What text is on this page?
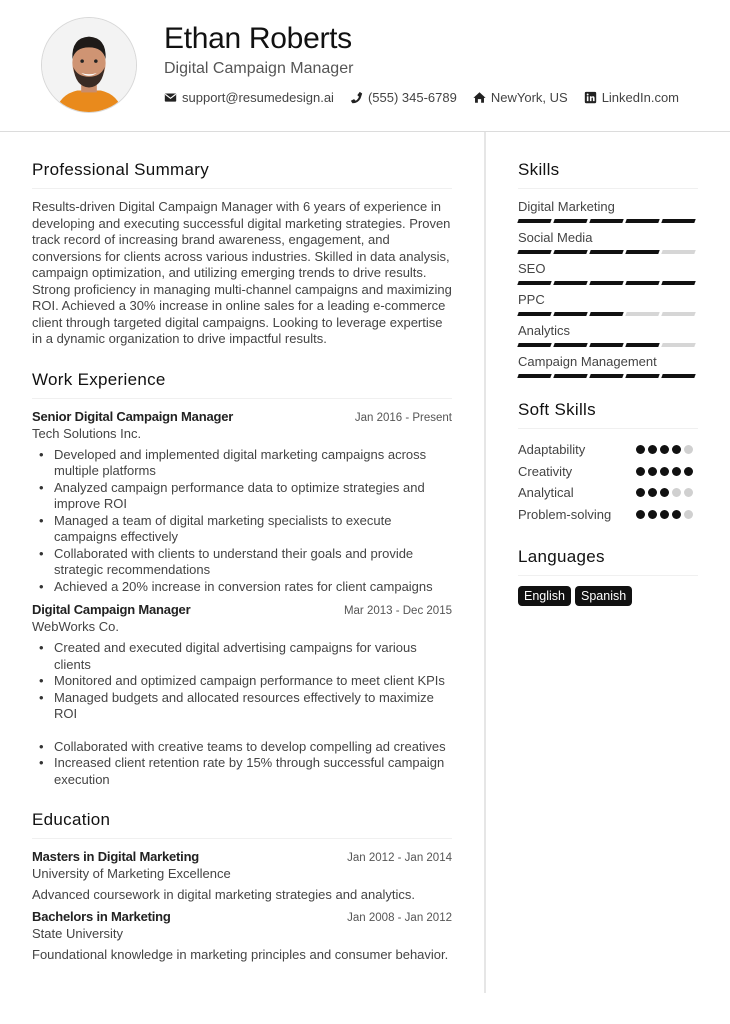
Ethan Roberts
Digital Campaign Manager
support@resumedesign.ai	(555) 345-6789	NewYork, US	LinkedIn.com
Professional Summary

Results-driven Digital Campaign Manager with 6 years of experience in developing and executing successful digital marketing strategies. Proven track record of increasing brand awareness, engagement, and conversions for clients across various industries. Skilled in data analysis, campaign optimization, and utilizing emerging trends to drive results. Strong proficiency in managing multi-channel campaigns and maximizing ROI. Achieved a 30% increase in online sales for a leading e-commerce client through targeted digital campaigns. Looking to leverage expertise in a dynamic organization to drive impactful results.

Work Experience
Senior Digital Campaign Manager	Jan 2016 - Present
Tech Solutions Inc.
• Developed and implemented digital marketing campaigns across multiple platforms
• Analyzed campaign performance data to optimize strategies and improve ROI
• Managed a team of digital marketing specialists to execute campaigns effectively
• Collaborated with clients to understand their goals and provide strategic recommendations
• Achieved a 20% increase in conversion rates for client campaigns
Digital Campaign Manager	Mar 2013 - Dec 2015
WebWorks Co.
• Created and executed digital advertising campaigns for various clients
• Monitored and optimized campaign performance to meet client KPIs
• Managed budgets and allocated resources effectively to maximize ROI
• Collaborated with creative teams to develop compelling ad creatives
• Increased client retention rate by 15% through successful campaign execution
Education
Masters in Digital Marketing	Jan 2012 - Jan 2014
University of Marketing Excellence
Advanced coursework in digital marketing strategies and analytics.
Bachelors in Marketing	Jan 2008 - Jan 2012
State University
Foundational knowledge in marketing principles and consumer behavior.
Skills
Digital Marketing
Social Media
SEO
PPC
Analytics
Campaign Management
Soft Skills
Adaptability
Creativity
Analytical
Problem-solving
Languages
English	Spanish
